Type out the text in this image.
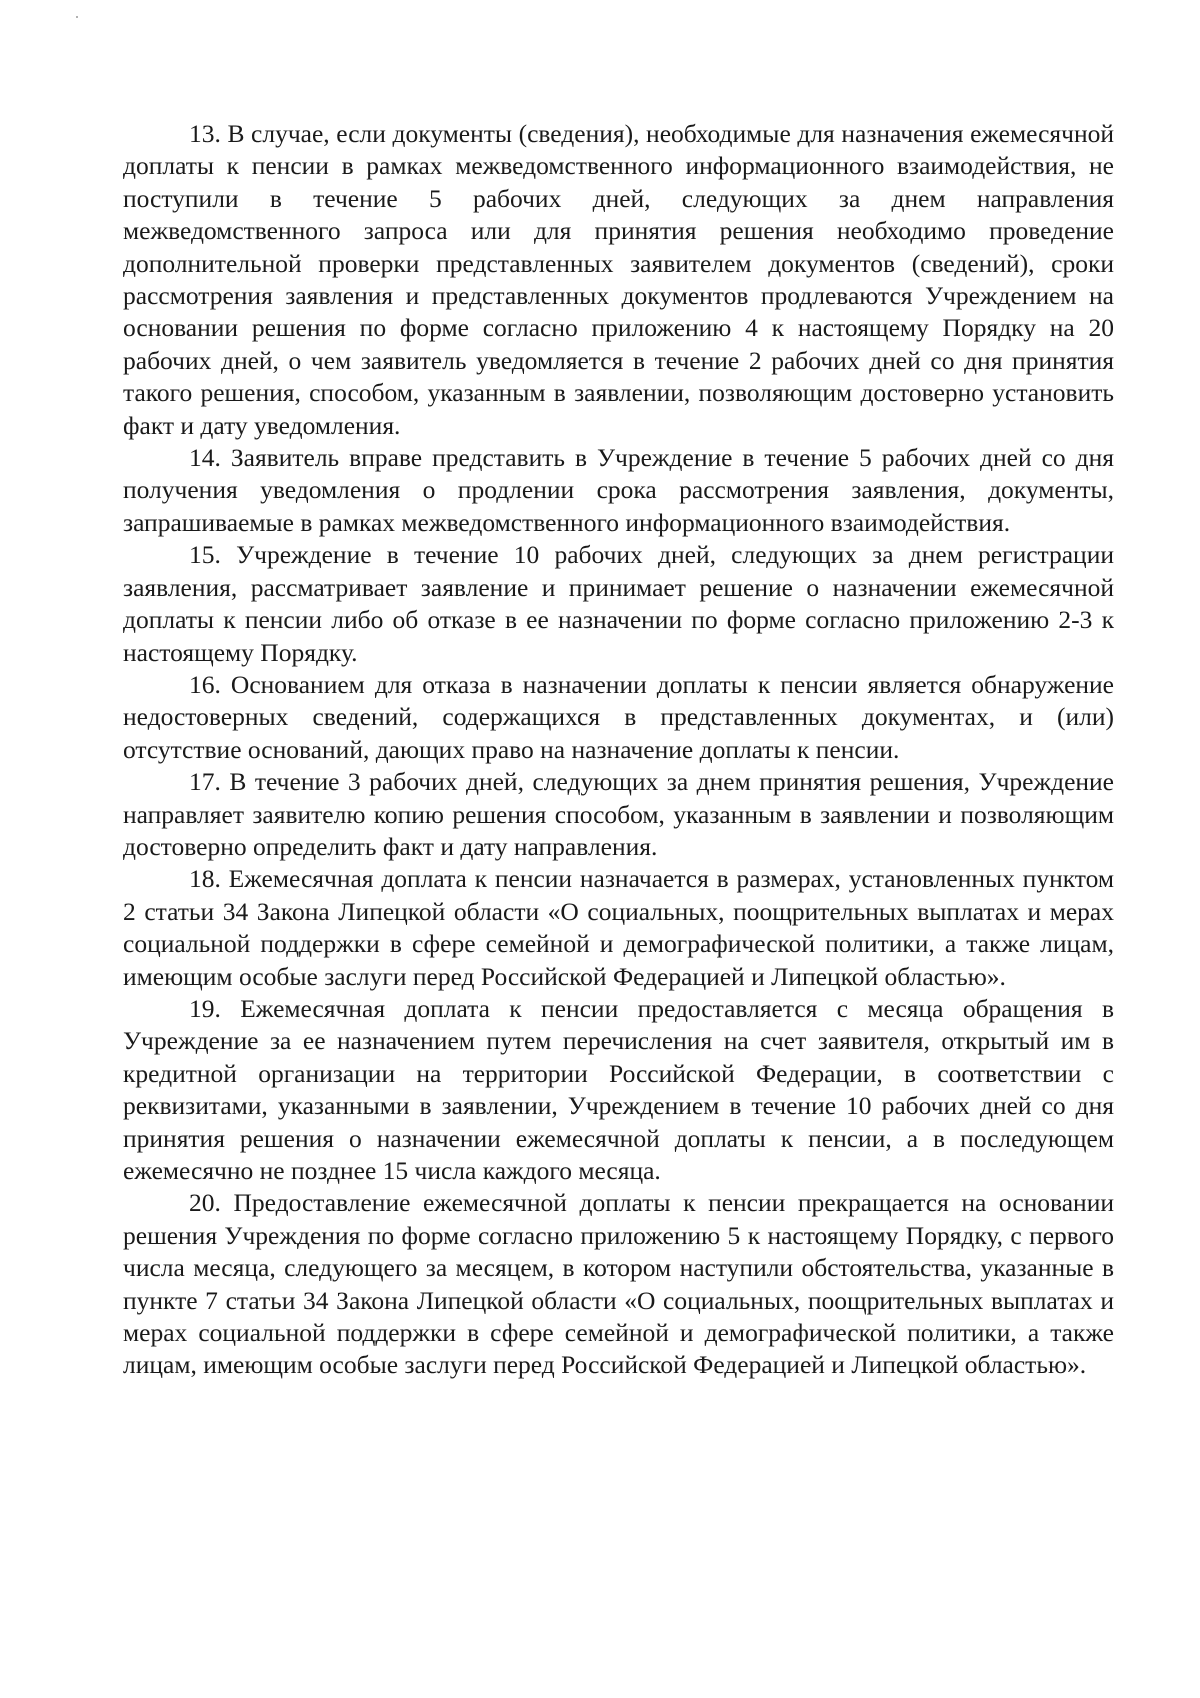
13. В случае, если документы (сведения), необходимые для назначения ежемесячной доплаты к пенсии в рамках межведомственного информационного взаимодействия, не поступили в течение 5 рабочих дней, следующих за днем направления межведомственного запроса или для принятия решения необходимо проведение дополнительной проверки представленных заявителем документов (сведений), сроки рассмотрения заявления и представленных документов продлеваются Учреждением на основании решения по форме согласно приложению 4 к настоящему Порядку на 20 рабочих дней, о чем заявитель уведомляется в течение 2 рабочих дней со дня принятия такого решения, способом, указанным в заявлении, позволяющим достоверно установить факт и дату уведомления.

14. Заявитель вправе представить в Учреждение в течение 5 рабочих дней со дня получения уведомления о продлении срока рассмотрения заявления, документы, запрашиваемые в рамках межведомственного информационного взаимодействия.

15. Учреждение в течение 10 рабочих дней, следующих за днем регистрации заявления, рассматривает заявление и принимает решение о назначении ежемесячной доплаты к пенсии либо об отказе в ее назначении по форме согласно приложению 2-3 к настоящему Порядку.

16. Основанием для отказа в назначении доплаты к пенсии является обнаружение недостоверных сведений, содержащихся в представленных документах, и (или) отсутствие оснований, дающих право на назначение доплаты к пенсии.

17. В течение 3 рабочих дней, следующих за днем принятия решения, Учреждение направляет заявителю копию решения способом, указанным в заявлении и позволяющим достоверно определить факт и дату направления.

18. Ежемесячная доплата к пенсии назначается в размерах, установленных пунктом 2 статьи 34 Закона Липецкой области «О социальных, поощрительных выплатах и мерах социальной поддержки в сфере семейной и демографической политики, а также лицам, имеющим особые заслуги перед Российской Федерацией и Липецкой областью».

19. Ежемесячная доплата к пенсии предоставляется с месяца обращения в Учреждение за ее назначением путем перечисления на счет заявителя, открытый им в кредитной организации на территории Российской Федерации, в соответствии с реквизитами, указанными в заявлении, Учреждением в течение 10 рабочих дней со дня принятия решения о назначении ежемесячной доплаты к пенсии, а в последующем ежемесячно не позднее 15 числа каждого месяца.

20. Предоставление ежемесячной доплаты к пенсии прекращается на основании решения Учреждения по форме согласно приложению 5 к настоящему Порядку, с первого числа месяца, следующего за месяцем, в котором наступили обстоятельства, указанные в пункте 7 статьи 34 Закона Липецкой области «О социальных, поощрительных выплатах и мерах социальной поддержки в сфере семейной и демографической политики, а также лицам, имеющим особые заслуги перед Российской Федерацией и Липецкой областью».
